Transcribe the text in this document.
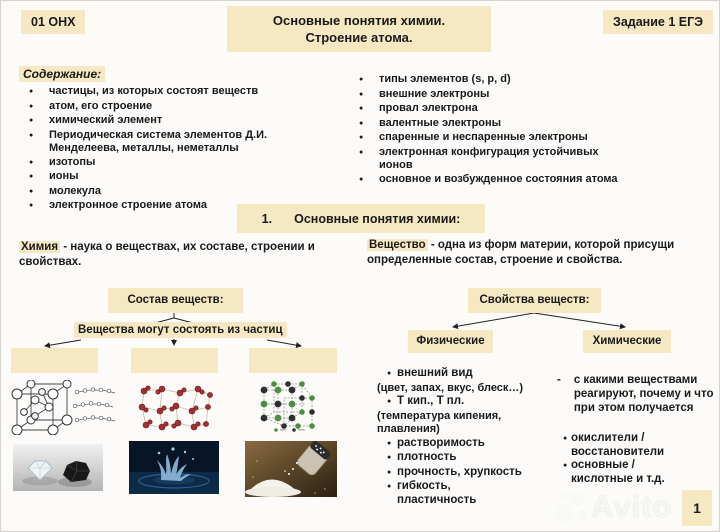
01 ОНХ	Основные понятия химии.
Строение атома.
Задание 1 ЕГЭ
Содержание:
●
частицы, из которых состоят веществ
●
атом, его строение
●
химический элемент
●
Периодическая система элементов Д.И. Менделеева, металлы, неметаллы
●
изотопы
●
ионы
●
молекула
●
электронное строение атома
●
типы элементов (s, p, d)
●
внешние электроны
●
провал электрона
●
валентные электроны
●
спаренные и неспаренные электроны
●
электронная конфигурация устойчивых ионов
●
основное и возбужденное состояния атома
1. Основные понятия химии:

Химия - наука о веществах, их составе, строении и свойствах.

Вещество - одна из форм материи, которой присущи определенные состав, строение и свойства.

Состав веществ:
Вещества могут состоять из частиц
Свойства веществ:
Физические	Химические
●
внешний вид
(цвет, запах, вкус, блеск…)
●
Т кип., Т пл.
(температура кипения, плавления)
●
растворимость
●
плотность
●
прочность, хрупкость
●
гибкость, пластичность
- с какими веществами реагируют, почему и что при этом получается
●
окислители / восстановители
●
основные / кислотные и т.д.
1
Avito
